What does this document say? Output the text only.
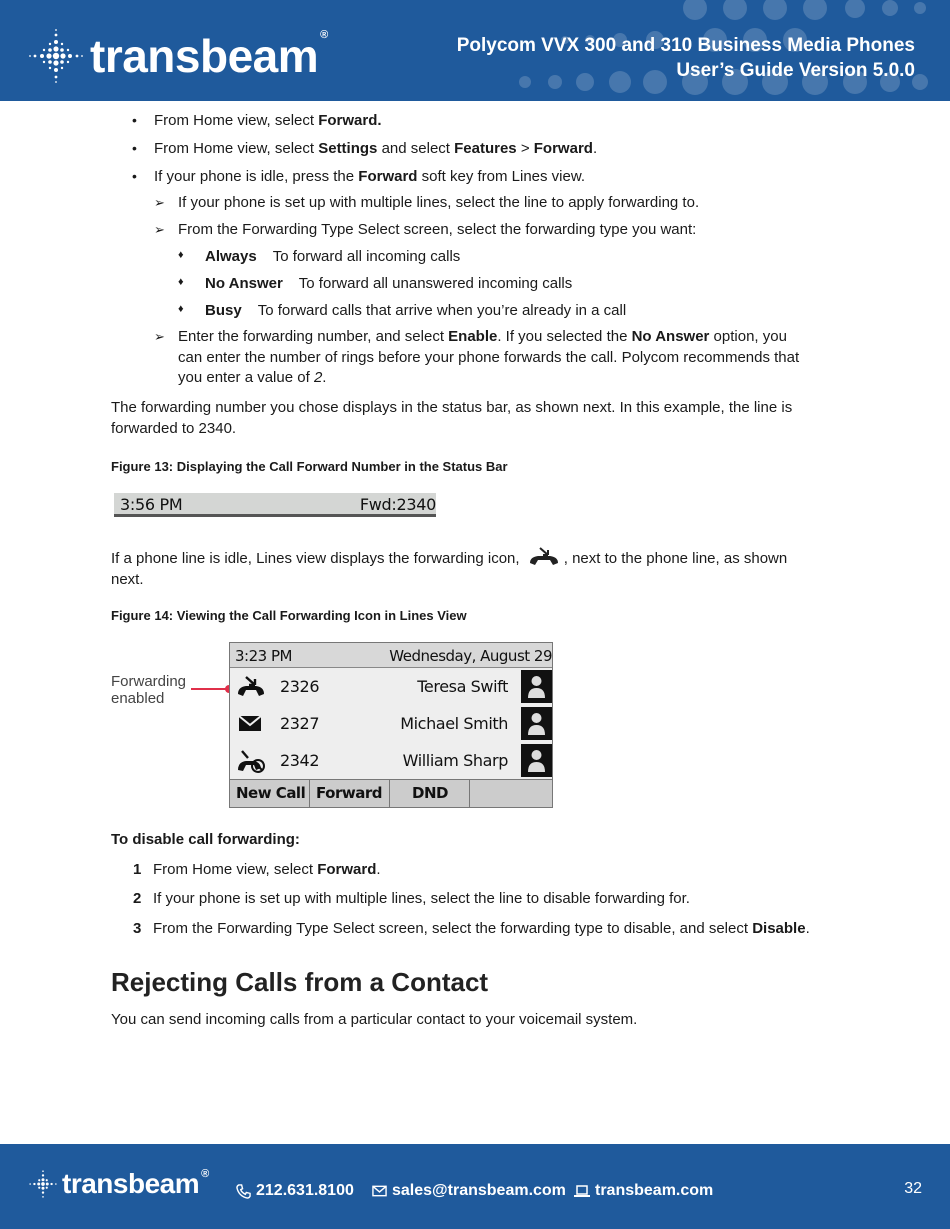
transbeam ®	Polycom VVX 300 and 310 Business Media Phones
User’s Guide Version 5.0.0
• From Home view, select Forward.
• From Home view, select Settings and select Features > Forward.
• If your phone is idle, press the Forward soft key from Lines view.
➢ If your phone is set up with multiple lines, select the line to apply forwarding to.
➢ From the Forwarding Type Select screen, select the forwarding type you want:
♦ Always To forward all incoming calls
♦ No Answer To forward all unanswered incoming calls
♦ Busy To forward calls that arrive when you’re already in a call
➢ Enter the forwarding number, and select Enable. If you selected the No Answer option, you
can enter the number of rings before your phone forwards the call. Polycom recommends that
you enter a value of 2.
The forwarding number you chose displays in the status bar, as shown next. In this example, the line is
forwarded to 2340.
Figure 13: Displaying the Call Forward Number in the Status Bar
3:56 PM	Fwd:2340
If a phone line is idle, Lines view displays the forwarding icon,	, next to the phone line, as shown
next.
Figure 14: Viewing the Call Forwarding Icon in Lines View
Forwarding
enabled
3:23 PM	Wednesday, August 29
2326	Teresa Swift
2327	Michael Smith
2342	William Sharp
New Call Forward	DND
To disable call forwarding:
1 From Home view, select Forward.
2 If your phone is set up with multiple lines, select the line to disable forwarding for.
3 From the Forwarding Type Select screen, select the forwarding type to disable, and select Disable.
Rejecting Calls from a Contact
You can send incoming calls from a particular contact to your voicemail system.
transbeam ®
212.631.8100 sales@transbeam.com transbeam.com	32
